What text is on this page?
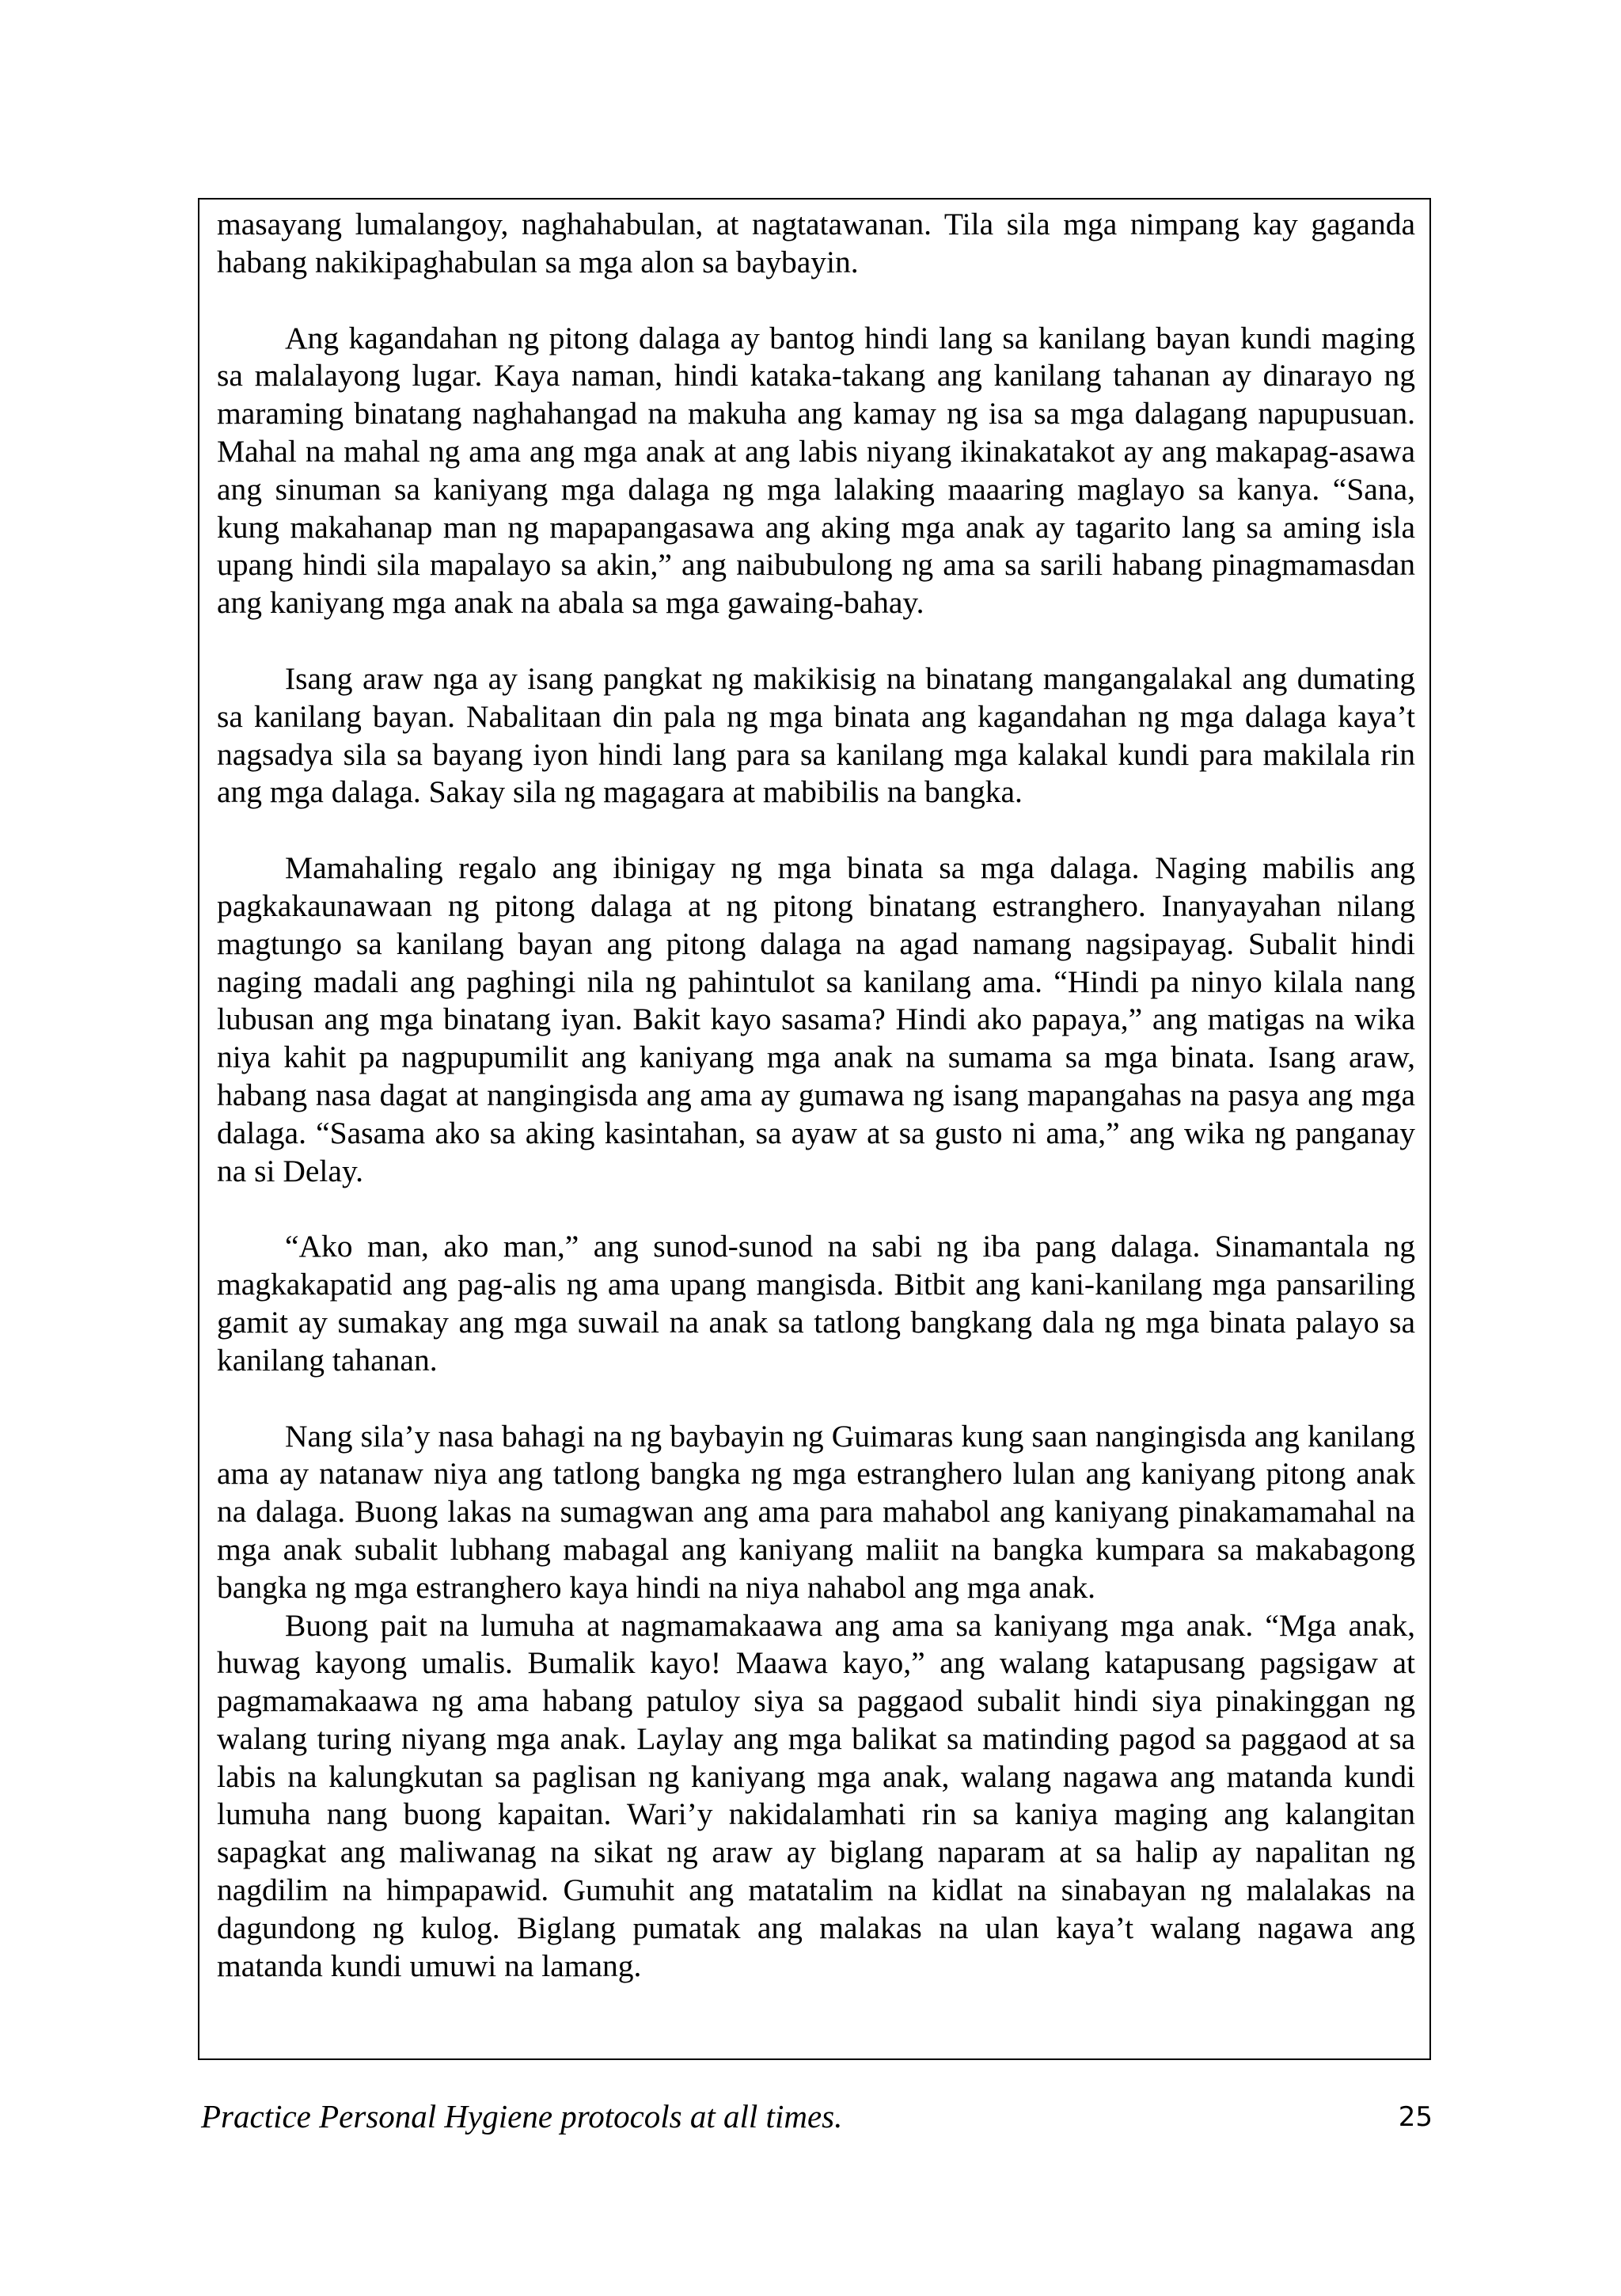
masayang lumalangoy, naghahabulan, at nagtatawanan. Tila sila mga nimpang kay gaganda habang nakikipaghabulan sa mga alon sa baybayin.

Ang kagandahan ng pitong dalaga ay bantog hindi lang sa kanilang bayan kundi maging sa malalayong lugar. Kaya naman, hindi kataka-takang ang kanilang tahanan ay dinarayo ng maraming binatang naghahangad na makuha ang kamay ng isa sa mga dalagang napupusuan. Mahal na mahal ng ama ang mga anak at ang labis niyang ikinakatakot ay ang makapag-asawa ang sinuman sa kaniyang mga dalaga ng mga lalaking maaaring maglayo sa kanya. “Sana, kung makahanap man ng mapapangasawa ang aking mga anak ay tagarito lang sa aming isla upang hindi sila mapalayo sa akin,” ang naibubulong ng ama sa sarili habang pinagmamasdan ang kaniyang mga anak na abala sa mga gawaing-bahay.

Isang araw nga ay isang pangkat ng makikisig na binatang mangangalakal ang dumating sa kanilang bayan. Nabalitaan din pala ng mga binata ang kagandahan ng mga dalaga kaya’t nagsadya sila sa bayang iyon hindi lang para sa kanilang mga kalakal kundi para makilala rin ang mga dalaga. Sakay sila ng magagara at mabibilis na bangka.

Mamahaling regalo ang ibinigay ng mga binata sa mga dalaga. Naging mabilis ang pagkakaunawaan ng pitong dalaga at ng pitong binatang estranghero. Inanyayahan nilang magtungo sa kanilang bayan ang pitong dalaga na agad namang nagsipayag. Subalit hindi naging madali ang paghingi nila ng pahintulot sa kanilang ama. “Hindi pa ninyo kilala nang lubusan ang mga binatang iyan. Bakit kayo sasama? Hindi ako papaya,” ang matigas na wika niya kahit pa nagpupumilit ang kaniyang mga anak na sumama sa mga binata. Isang araw, habang nasa dagat at nangingisda ang ama ay gumawa ng isang mapangahas na pasya ang mga dalaga. “Sasama ako sa aking kasintahan, sa ayaw at sa gusto ni ama,” ang wika ng panganay na si Delay.

“Ako man, ako man,” ang sunod-sunod na sabi ng iba pang dalaga. Sinamantala ng magkakapatid ang pag-alis ng ama upang mangisda. Bitbit ang kani-kanilang mga pansariling gamit ay sumakay ang mga suwail na anak sa tatlong bangkang dala ng mga binata palayo sa kanilang tahanan.

Nang sila’y nasa bahagi na ng baybayin ng Guimaras kung saan nangingisda ang kanilang ama ay natanaw niya ang tatlong bangka ng mga estranghero lulan ang kaniyang pitong anak na dalaga. Buong lakas na sumagwan ang ama para mahabol ang kaniyang pinakamamahal na mga anak subalit lubhang mabagal ang kaniyang maliit na bangka kumpara sa makabagong bangka ng mga estranghero kaya hindi na niya nahabol ang mga anak.

Buong pait na lumuha at nagmamakaawa ang ama sa kaniyang mga anak. “Mga anak, huwag kayong umalis. Bumalik kayo! Maawa kayo,” ang walang katapusang pagsigaw at pagmamakaawa ng ama habang patuloy siya sa paggaod subalit hindi siya pinakinggan ng walang turing niyang mga anak. Laylay ang mga balikat sa matinding pagod sa paggaod at sa labis na kalungkutan sa paglisan ng kaniyang mga anak, walang nagawa ang matanda kundi lumuha nang buong kapaitan. Wari’y nakidalamhati rin sa kaniya maging ang kalangitan sapagkat ang maliwanag na sikat ng araw ay biglang naparam at sa halip ay napalitan ng nagdilim na himpapawid. Gumuhit ang matatalim na kidlat na sinabayan ng malalakas na dagundong ng kulog. Biglang pumatak ang malakas na ulan kaya’t walang nagawa ang matanda kundi umuwi na lamang.

Practice Personal Hygiene protocols at all times.	25
